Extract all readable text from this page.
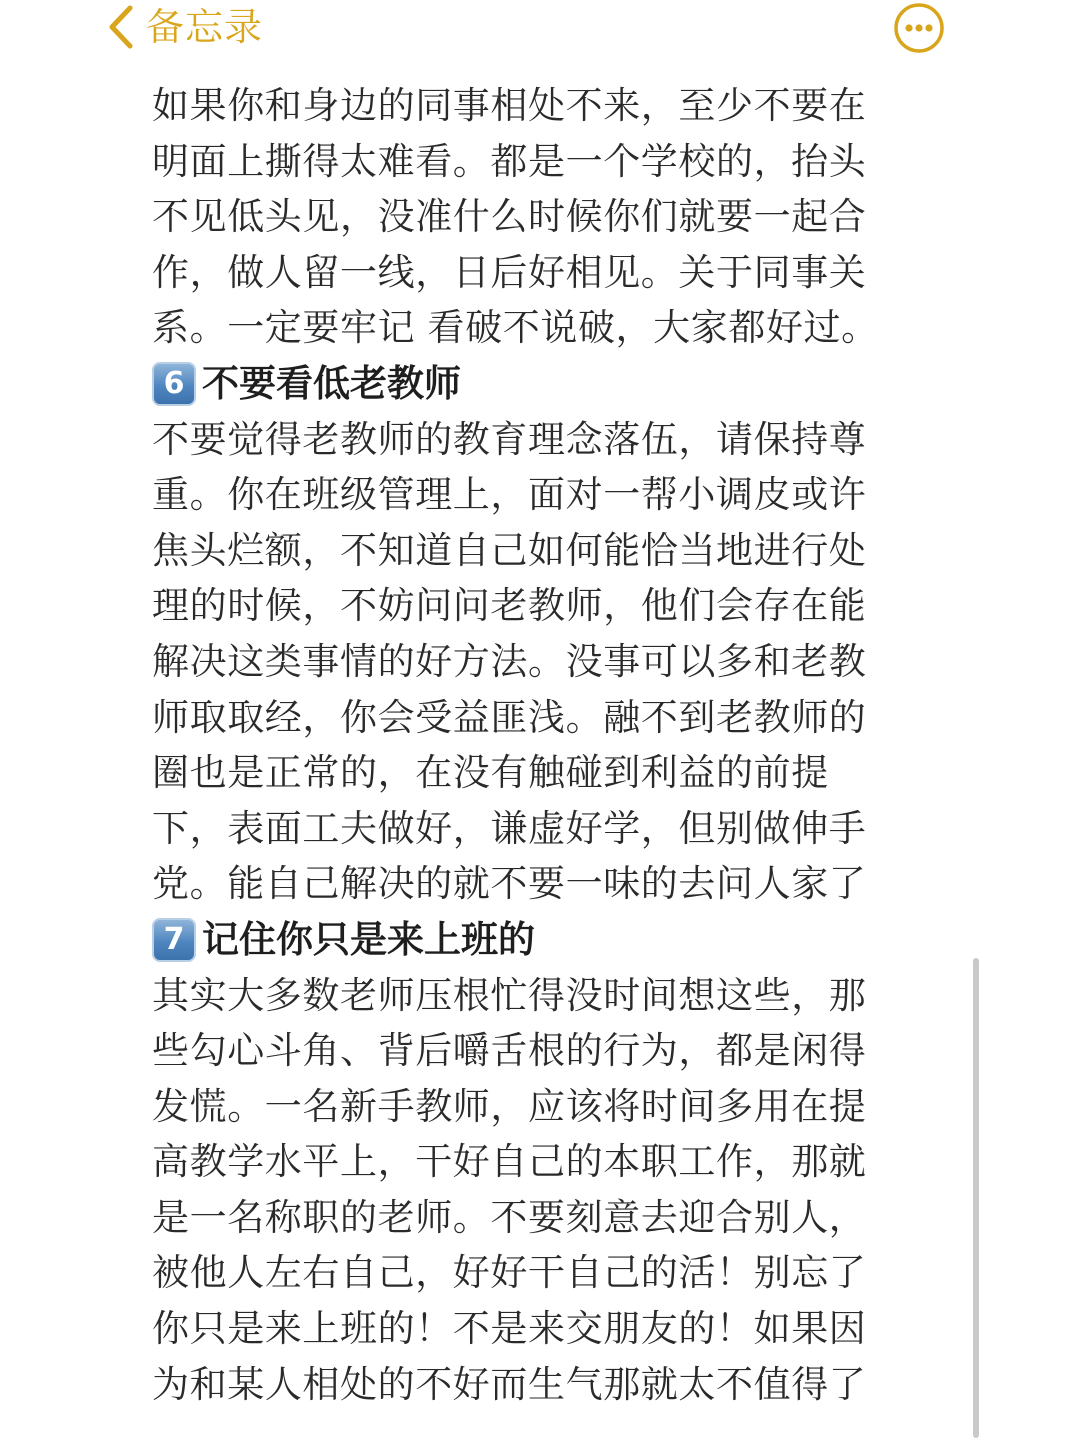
备忘录
如果你和身边的同事相处不来，至少不要在
明面上撕得太难看。都是一个学校的，抬头
不见低头见，没准什么时候你们就要一起合
作，做人留一线，日后好相见。关于同事关
系。一定要牢记 看破不说破，大家都好过。
6 不要看低老教师
不要觉得老教师的教育理念落伍，请保持尊
重。你在班级管理上，面对一帮小调皮或许
焦头烂额，不知道自己如何能恰当地进行处
理的时候，不妨问问老教师，他们会存在能
解决这类事情的好方法。没事可以多和老教
师取取经，你会受益匪浅。融不到老教师的
圈也是正常的，在没有触碰到利益的前提
下，表面工夫做好，谦虚好学，但别做伸手
党。能自己解决的就不要一味的去问人家了
7 记住你只是来上班的
其实大多数老师压根忙得没时间想这些，那
些勾心斗角、背后嚼舌根的行为，都是闲得
发慌。一名新手教师，应该将时间多用在提
高教学水平上，干好自己的本职工作，那就
是一名称职的老师。不要刻意去迎合别人，
被他人左右自己，好好干自己的活！别忘了
你只是来上班的！不是来交朋友的！如果因
为和某人相处的不好而生气那就太不值得了
